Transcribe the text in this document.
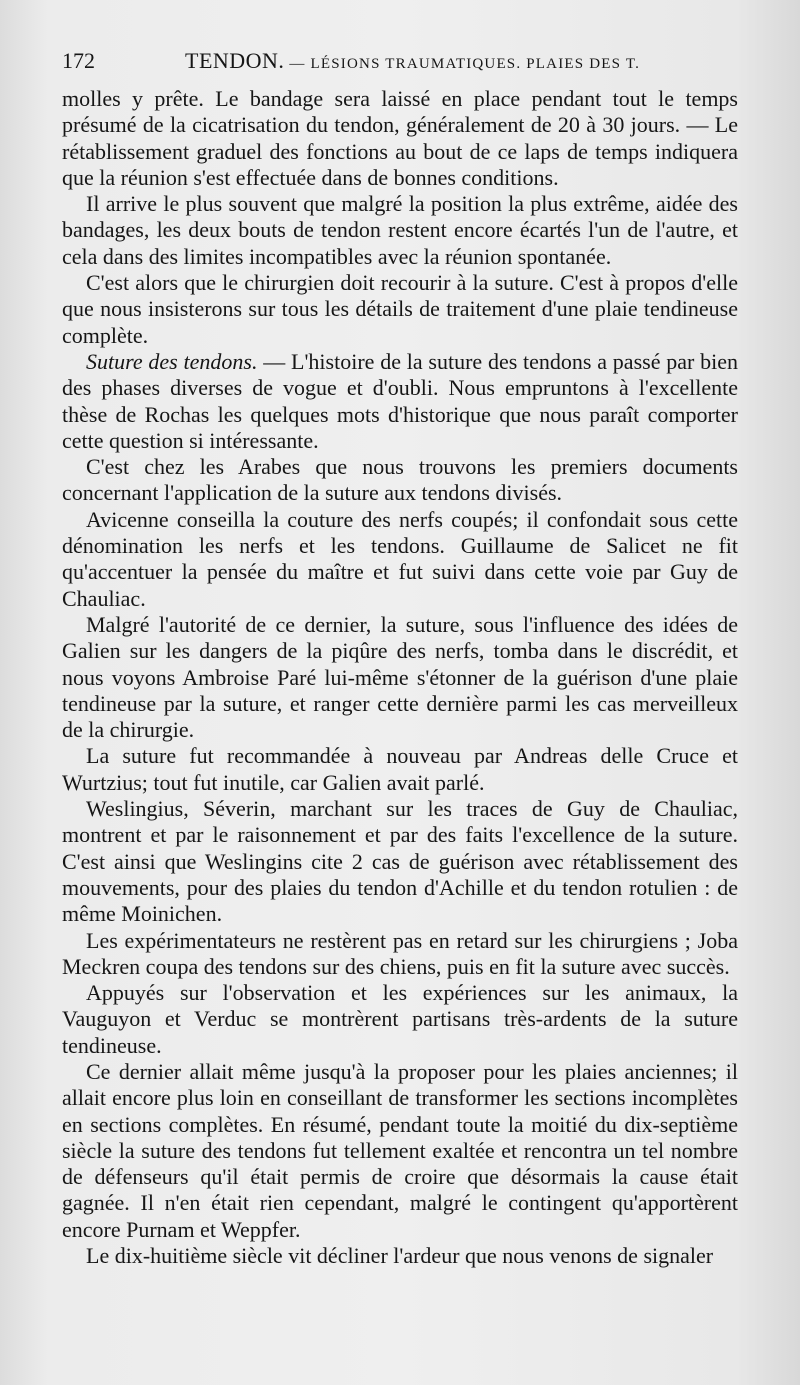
172	TENDON. — LÉSIONS TRAUMATIQUES. PLAIES DES T.

molles y prête. Le bandage sera laissé en place pendant tout le temps présumé de la cicatrisation du tendon, généralement de 20 à 30 jours. — Le rétablissement graduel des fonctions au bout de ce laps de temps indiquera que la réunion s'est effectuée dans de bonnes conditions.

Il arrive le plus souvent que malgré la position la plus extrême, aidée des bandages, les deux bouts de tendon restent encore écartés l'un de l'autre, et cela dans des limites incompatibles avec la réunion spontanée.

C'est alors que le chirurgien doit recourir à la suture. C'est à propos d'elle que nous insisterons sur tous les détails de traitement d'une plaie tendineuse complète.

Suture des tendons. — L'histoire de la suture des tendons a passé par bien des phases diverses de vogue et d'oubli. Nous empruntons à l'excellente thèse de Rochas les quelques mots d'historique que nous paraît comporter cette question si intéressante.

C'est chez les Arabes que nous trouvons les premiers documents concernant l'application de la suture aux tendons divisés.

Avicenne conseilla la couture des nerfs coupés; il confondait sous cette dénomination les nerfs et les tendons. Guillaume de Salicet ne fit qu'accentuer la pensée du maître et fut suivi dans cette voie par Guy de Chauliac.

Malgré l'autorité de ce dernier, la suture, sous l'influence des idées de Galien sur les dangers de la piqûre des nerfs, tomba dans le discrédit, et nous voyons Ambroise Paré lui-même s'étonner de la guérison d'une plaie tendineuse par la suture, et ranger cette dernière parmi les cas merveilleux de la chirurgie.

La suture fut recommandée à nouveau par Andreas delle Cruce et Wurtzius; tout fut inutile, car Galien avait parlé.

Weslingius, Séverin, marchant sur les traces de Guy de Chauliac, montrent et par le raisonnement et par des faits l'excellence de la suture. C'est ainsi que Weslingins cite 2 cas de guérison avec rétablissement des mouvements, pour des plaies du tendon d'Achille et du tendon rotulien : de même Moinichen.

Les expérimentateurs ne restèrent pas en retard sur les chirurgiens ; Joba Meckren coupa des tendons sur des chiens, puis en fit la suture avec succès.

Appuyés sur l'observation et les expériences sur les animaux, la Vauguyon et Verduc se montrèrent partisans très-ardents de la suture tendineuse.

Ce dernier allait même jusqu'à la proposer pour les plaies anciennes; il allait encore plus loin en conseillant de transformer les sections incomplètes en sections complètes. En résumé, pendant toute la moitié du dix-septième siècle la suture des tendons fut tellement exaltée et rencontra un tel nombre de défenseurs qu'il était permis de croire que désormais la cause était gagnée. Il n'en était rien cependant, malgré le contingent qu'apportèrent encore Purnam et Weppfer.

Le dix-huitième siècle vit décliner l'ardeur que nous venons de signaler
